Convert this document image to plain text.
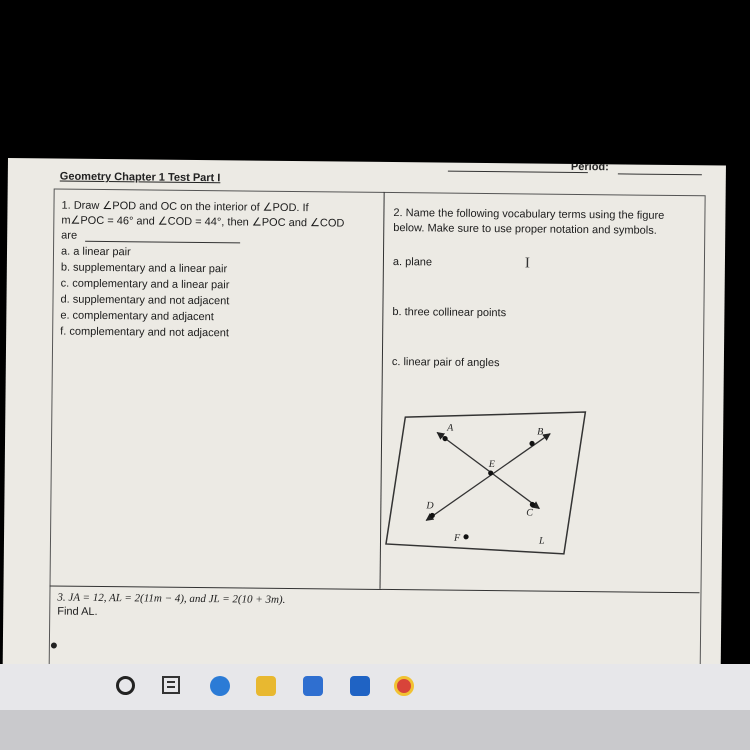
Period:
Geometry Chapter 1 Test Part I
1. Draw ∠POD and OC on the interior of ∠POD. If
m∠POC = 46° and ∠COD = 44°, then ∠POC and ∠COD
are
a. a linear pair
b. supplementary and a linear pair
c. complementary and a linear pair
d. supplementary and not adjacent
e. complementary and adjacent
f. complementary and not adjacent
2. Name the following vocabulary terms using the figure
below. Make sure to use proper notation and symbols.
a. plane	I
b. three collinear points
c. linear pair of angles
A	B
E
D
C
F	L
3. JA = 12, AL = 2(11m − 4), and JL = 2(10 + 3m).
Find AL.
